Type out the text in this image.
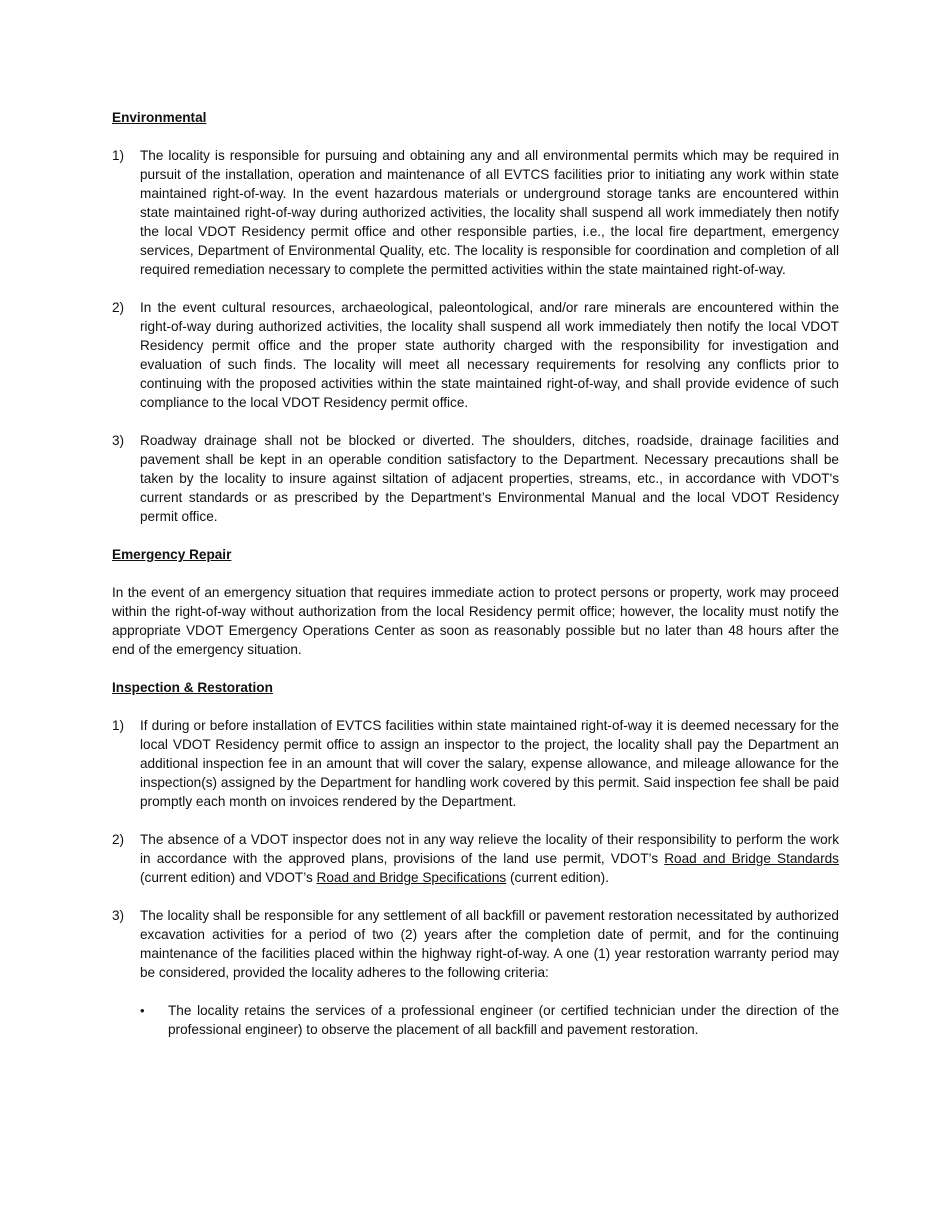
Environmental

1)	The locality is responsible for pursuing and obtaining any and all environmental permits which may be required in pursuit of the installation, operation and maintenance of all EVTCS facilities prior to initiating any work within state maintained right-of-way. In the event hazardous materials or underground storage tanks are encountered within state maintained right-of-way during authorized activities, the locality shall suspend all work immediately then notify the local VDOT Residency permit office and other responsible parties, i.e., the local fire department, emergency services, Department of Environmental Quality, etc. The locality is responsible for coordination and completion of all required remediation necessary to complete the permitted activities within the state maintained right-of-way.
2)	In the event cultural resources, archaeological, paleontological, and/or rare minerals are encountered within the right-of-way during authorized activities, the locality shall suspend all work immediately then notify the local VDOT Residency permit office and the proper state authority charged with the responsibility for investigation and evaluation of such finds. The locality will meet all necessary requirements for resolving any conflicts prior to continuing with the proposed activities within the state maintained right-of-way, and shall provide evidence of such compliance to the local VDOT Residency permit office.
3)	Roadway drainage shall not be blocked or diverted. The shoulders, ditches, roadside, drainage facilities and pavement shall be kept in an operable condition satisfactory to the Department. Necessary precautions shall be taken by the locality to insure against siltation of adjacent properties, streams, etc., in accordance with VDOT's current standards or as prescribed by the Department’s Environmental Manual and the local VDOT Residency permit office.

Emergency Repair

In the event of an emergency situation that requires immediate action to protect persons or property, work may proceed within the right-of-way without authorization from the local Residency permit office; however, the locality must notify the appropriate VDOT Emergency Operations Center as soon as reasonably possible but no later than 48 hours after the end of the emergency situation.

Inspection & Restoration

1)	If during or before installation of EVTCS facilities within state maintained right-of-way it is deemed necessary for the local VDOT Residency permit office to assign an inspector to the project, the locality shall pay the Department an additional inspection fee in an amount that will cover the salary, expense allowance, and mileage allowance for the inspection(s) assigned by the Department for handling work covered by this permit. Said inspection fee shall be paid promptly each month on invoices rendered by the Department.
2)	The absence of a VDOT inspector does not in any way relieve the locality of their responsibility to perform the work in accordance with the approved plans, provisions of the land use permit, VDOT’s Road and Bridge Standards (current edition) and VDOT’s Road and Bridge Specifications (current edition).
3)	The locality shall be responsible for any settlement of all backfill or pavement restoration necessitated by authorized excavation activities for a period of two (2) years after the completion date of permit, and for the continuing maintenance of the facilities placed within the highway right-of-way. A one (1) year restoration warranty period may be considered, provided the locality adheres to the following criteria:
•	The locality retains the services of a professional engineer (or certified technician under the direction of the professional engineer) to observe the placement of all backfill and pavement restoration.
